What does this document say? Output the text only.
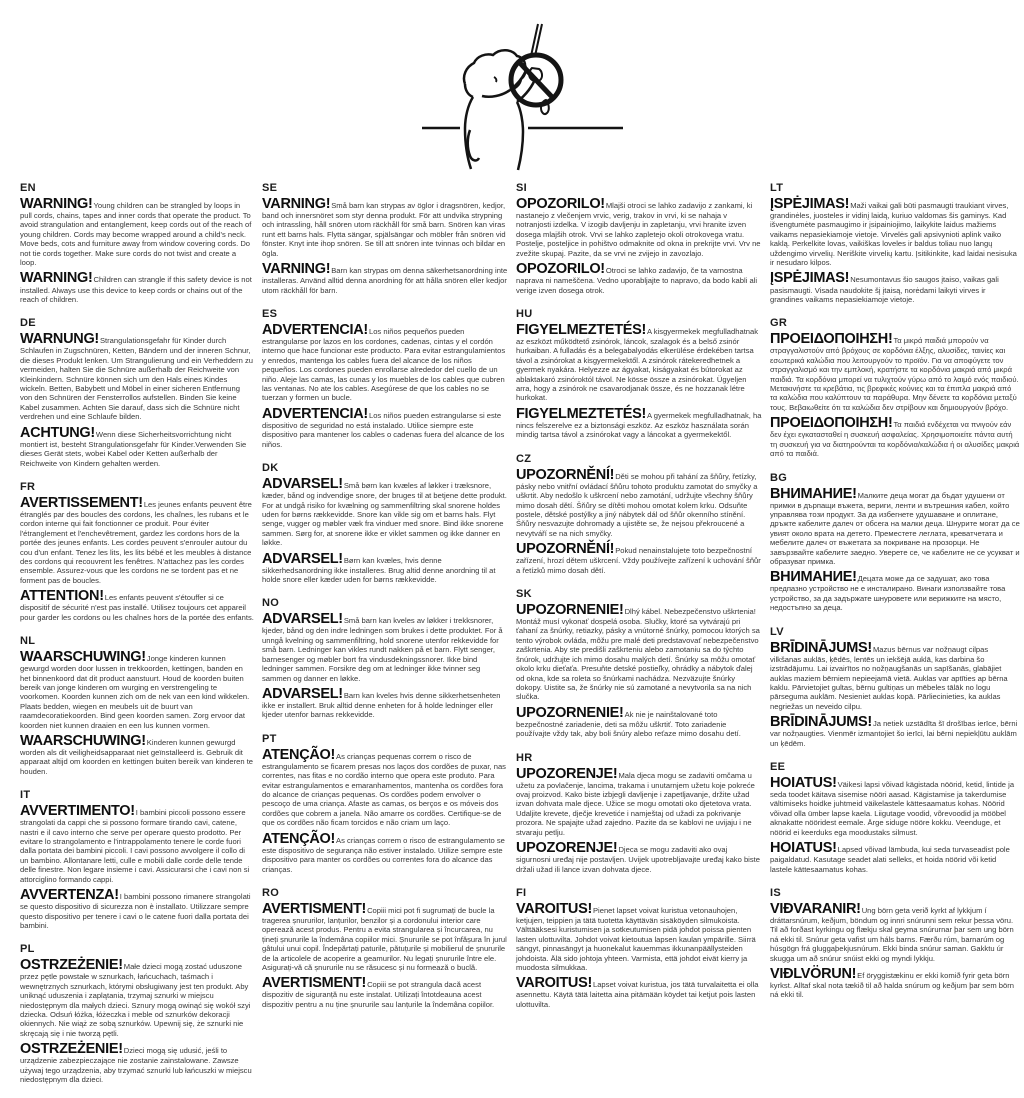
EN

WARNING!Young children can be strangled by loops in pull cords, chains, tapes and inner cords that operate the product. To avoid strangulation and entanglement, keep cords out of the reach of young children. Cords may become wrapped around a child's neck. Move beds, cots and furniture away from window covering cords. Do not tie cords together. Make sure cords do not twist and create a loop.

WARNING!Children can strangle if this safety device is not installed. Always use this device to keep cords or chains out of the reach of children.

DE

WARNUNG!Strangulationsgefahr für Kinder durch Schlaufen in Zugschnüren, Ketten, Bändern und der inneren Schnur, die dieses Produkt lenken. Um Strangulierung und ein Verheddern zu vermeiden, halten Sie die Schnüre außerhalb der Reichweite von Kleinkindern. Schnüre können sich um den Hals eines Kindes wickeln. Betten, Babybett und Möbel in einer sicheren Entfernung von den Schnüren der Fensterrollos aufstellen. Binden Sie keine Kabel zusammen. Achten Sie darauf, dass sich die Schnüre nicht verdrehen und eine Schlaufe bilden.

ACHTUNG!Wenn diese Sicherheitsvorrichtung nicht montiert ist, besteht Strangulationsgefahr für Kinder.Verwenden Sie dieses Gerät stets, wobei Kabel oder Ketten außerhalb der Reichweite von Kindern gehalten werden.

FR

AVERTISSEMENT!Les jeunes enfants peuvent être étranglés par des boucles des cordons, les chaînes, les rubans et le cordon interne qui fait fonctionner ce produit. Pour éviter l'étranglement et l'enchevêtrement, gardez les cordons hors de la portée des jeunes enfants. Les cordes peuvent s'enrouler autour du cou d'un enfant. Tenez les lits, les lits bébé et les meubles à distance des cordons qui recouvrent les fenêtres. N'attachez pas les cordes ensemble. Assurez-vous que les cordons ne se tordent pas et ne forment pas de boucles.

ATTENTION!Les enfants peuvent s'étouffer si ce dispositif de sécurité n'est pas installé. Utilisez toujours cet appareil pour garder les cordons ou les chaînes hors de la portée des enfants.

NL

WAARSCHUWING!Jonge kinderen kunnen gewurgd worden door lussen in trekkoorden, kettingen, banden en het binnenkoord dat dit product aanstuurt. Houd de koorden buiten bereik van jonge kinderen om wurging en verstrengeling te voorkomen. Koorden kunnen zich om de nek van een kind wikkelen. Plaats bedden, wiegen en meubels uit de buurt van raamdecoratiekoorden. Bind geen koorden samen. Zorg ervoor dat koorden niet kunnen draaien en een lus kunnen vormen.

WAARSCHUWING!Kinderen kunnen gewurgd worden als dit veiligheidsapparaat niet geïnstalleerd is. Gebruik dit apparaat altijd om koorden en kettingen buiten bereik van kinderen te houden.

IT

AVVERTIMENTO!I bambini piccoli possono essere strangolati da cappi che si possono formare tirando cavi, catene, nastri e il cavo interno che serve per operare questo prodotto. Per evitare lo strangolamento e l'intrappolamento tenere le corde fuori dalla portata dei bambini piccoli. I cavi possono avvolgere il collo di un bambino. Allontanare letti, culle e mobili dalle corde delle tende delle finestre. Non legare insieme i cavi. Assicurarsi che i cavi non si attorciglino formando cappi.

AVVERTENZA!I bambini possono rimanere strangolati se questo dispositivo di sicurezza non è installato. Utilizzare sempre questo dispositivo per tenere i cavi o le catene fuori dalla portata dei bambini.

PL

OSTRZEŻENIE!Małe dzieci mogą zostać uduszone przez pętle powstałe w sznurkach, łańcuchach, taśmach i wewnętrznych sznurkach, którymi obsługiwany jest ten produkt. Aby uniknąć uduszenia i zaplątania, trzymaj sznurki w miejscu niedostępnym dla małych dzieci. Sznury mogą owinąć się wokół szyi dziecka. Odsuń łóżka, łóżeczka i meble od sznurków dekoracji okiennych. Nie wiąż ze sobą sznurków. Upewnij się, że sznurki nie skręcają się i nie tworzą pętli.

OSTRZEŻENIE!Dzieci mogą się udusić, jeśli to urządzenie zabezpieczające nie zostanie zainstalowane. Zawsze używaj tego urządzenia, aby trzymać sznurki lub łańcuszki w miejscu niedostępnym dla dzieci.

SE

VARNING!Små barn kan strypas av öglor i dragsnören, kedjor, band och innersnöret som styr denna produkt. För att undvika strypning och intrassling, håll snören utom räckhåll för små barn. Snören kan viras runt ett barns hals. Flytta sängar, spjälsängar och möbler från snören vid fönster. Knyt inte ihop snören. Se till att snören inte tvinnas och bildar en ögla.

VARNING!Barn kan strypas om denna säkerhetsanordning inte installeras. Använd alltid denna anordning för att hålla snören eller kedjor utom räckhåll för barn.

ES

ADVERTENCIA!Los niños pequeños pueden estrangularse por lazos en los cordones, cadenas, cintas y el cordón interno que hace funcionar este producto. Para evitar estrangulamientos y enredos, mantenga los cables fuera del alcance de los niños pequeños. Los cordones pueden enrollarse alrededor del cuello de un niño. Aleje las camas, las cunas y los muebles de los cables que cubren las ventanas. No ate los cables. Asegúrese de que los cables no se tuerzan y formen un bucle.

ADVERTENCIA!Los niños pueden estrangularse si este dispositivo de seguridad no está instalado. Utilice siempre este dispositivo para mantener los cables o cadenas fuera del alcance de los niños.

DK

ADVARSEL!Små børn kan kvæles af løkker i træksnore, kæder, bånd og indvendige snore, der bruges til at betjene dette produkt. For at undgå risiko for kvælning og sammenfiltring skal snorene holdes uden for børns rækkevidde. Snore kan vikle sig om et barns hals. Flyt senge, vugger og møbler væk fra vinduer med snore. Bind ikke snorene sammen. Sørg for, at snorene ikke er viklet sammen og ikke danner en løkke.

ADVARSEL!Børn kan kvæles, hvis denne sikkerhedsanordning ikke installeres. Brug altid denne anordning til at holde snore eller kæder uden for børns rækkevidde.

NO

ADVARSEL!Små barn kan kveles av løkker i trekksnorer, kjeder, bånd og den indre ledningen som brukes i dette produktet. For å unngå kvelning og sammenfiltring, hold snorene utenfor rekkevidde for små barn. Ledninger kan vikles rundt nakken på et barn. Flytt senger, barnesenger og møbler bort fra vindusdekningssnorer. Ikke bind ledninger sammen. Forsikre deg om at ledninger ikke tvinner seg sammen og danner en løkke.

ADVARSEL!Barn kan kveles hvis denne sikkerhetsenheten ikke er installert. Bruk alltid denne enheten for å holde ledninger eller kjeder utenfor barnas rekkevidde.

PT

ATENÇÃO!As crianças pequenas correm o risco de estrangulamento se ficarem presas nos laços dos cordões de puxar, nas correntes, nas fitas e no cordão interno que opera este produto. Para evitar estrangulamentos e emaranhamentos, mantenha os cordões fora do alcance de crianças pequenas. Os cordões podem envolver o pescoço de uma criança. Afaste as camas, os berços e os móveis dos cordões que cobrem a janela. Não amarre os cordões. Certifique-se de que os cordões não ficam torcidos e não criam um laço.

ATENÇÃO!As crianças correm o risco de estrangulamento se este dispositivo de segurança não estiver instalado. Utilize sempre este dispositivo para manter os cordões ou correntes fora do alcance das crianças.

RO

AVERTISMENT!Copiii mici pot fi sugrumați de bucle la tragerea șnururilor, lanțurilor, benzilor și a cordonului interior care operează acest produs. Pentru a evita strangularea și încurcarea, nu țineți șnururile la îndemâna copiilor mici. Șnururile se pot înfășura în jurul gâtului unui copil. Îndepărtați paturile, pătuțurile și mobilierul de șnururile de la articolele de acoperire a geamurilor. Nu legați șnururile între ele. Asigurați-vă că șnururile nu se răsucesc și nu formează o buclă.

AVERTISMENT!Copiii se pot strangula dacă acest dispozitiv de siguranță nu este instalat. Utilizați întotdeauna acest dispozitiv pentru a nu ține șnururile sau lanțurile la îndemâna copiilor.

SI

OPOZORILO!Mlajši otroci se lahko zadavijo z zankami, ki nastanejo z vlečenjem vrvic, verig, trakov in vrvi, ki se nahaja v notranjosti izdelka. V izogib davljenju in zapletanju, vrvi hranite izven dosega mlajših otrok. Vrvi se lahko zapletejo okoli otrokovega vratu. Postelje, posteljice in pohištvo odmaknite od okna in prekrijte vrvi. Vrv ne zvežite skupaj. Pazite, da se vrvi ne zvijejo in zavozlajo.

OPOZORILO!Otroci se lahko zadavijo, če ta varnostna naprava ni nameščena. Vedno uporabljajte to napravo, da bodo kabli ali verige izven dosega otrok.

HU

FIGYELMEZTETÉS!A kisgyermekek megfulladhatnak az eszközt működtető zsinórok, láncok, szalagok és a belső zsinór hurkaiban. A fulladás és a belegabalyodás elkerülése érdekében tartsa távol a zsinórokat a kisgyermekektől. A zsinórok rátekeredhetnek a gyermek nyakára. Helyezze az ágyakat, kiságyakat és bútorokat az ablaktakaró zsinóroktól távol. Ne kösse össze a zsinórokat. Ügyeljen arra, hogy a zsinórok ne csavarodjanak össze, és ne hozzanak létre hurkokat.

FIGYELMEZTETÉS!A gyermekek megfulladhatnak, ha nincs felszerelve ez a biztonsági eszköz. Az eszköz használata során mindig tartsa távol a zsinórokat vagy a láncokat a gyermekektől.

CZ

UPOZORNĚNÍ!Děti se mohou při tahání za šňůry, řetízky, pásky nebo vnitřní ovládací šňůru tohoto produktu zamotat do smyčky a uškrtit. Aby nedošlo k uškrcení nebo zamotání, udržujte všechny šňůry mimo dosah dětí. Šňůry se dítěti mohou omotat kolem krku. Odsuňte postele, dětské postýlky a jiný nábytek dál od šňůr okenního stínění. Šňůry nesvazujte dohromady a ujistěte se, že nejsou překroucené a nevytváří se na nich smyčky.

UPOZORNĚNÍ!Pokud nenainstalujete toto bezpečnostní zařízení, hrozí dětem uškrcení. Vždy používejte zařízení k uchování šňůr a řetízků mimo dosah dětí.

SK

UPOZORNENIE!Dlhý kábel. Nebezpečenstvo uškrtenia! Montáž musí vykonať dospelá osoba. Slučky, ktoré sa vytvárajú pri ťahaní za šnúrky, retiazky, pásky a vnútorné šnúrky, pomocou ktorých sa tento výrobok ovláda, môžu pre malé deti predstavovať nebezpečenstvo zaškrtenia. Aby ste predišli zaškrteniu alebo zamotaniu sa do týchto šnúrok, udržujte ich mimo dosahu malých detí. Šnúrky sa môžu omotať okolo krku dieťaťa. Presuňte detské postieľky, ohrádky a nábytok ďalej od okna, kde sa roleta so šnúrkami nachádza. Nezväzujte šnúrky dokopy. Uistite sa, že šnúrky nie sú zamotané a nevytvorila sa na nich slučka.

UPOZORNENIE!Ak nie je nainštalované toto bezpečnostné zariadenie, deti sa môžu uškrtiť. Toto zariadenie používajte vždy tak, aby boli šnúry alebo reťaze mimo dosahu detí.

HR

UPOZORENJE!Mala djeca mogu se zadaviti omčama u užetu za povlačenje, lancima, trakama i unutarnjem užetu koje pokreće ovaj proizvod. Kako biste izbjegli davljenje i zapetljavanje, držite užad izvan dohvata male djece. Užice se mogu omotati oko djetetova vrata. Udaljite krevete, dječje krevetiće i namještaj od užadi za pokrivanje prozora. Ne spajajte užad zajedno. Pazite da se kablovi ne uvijaju i ne stvaraju petlju.

UPOZORENJE!Djeca se mogu zadaviti ako ovaj sigurnosni uređaj nije postavljen. Uvijek upotrebljavajte uređaj kako biste držali užad ili lance izvan dohvata djece.

FI

VAROITUS!Pienet lapset voivat kuristua vetonauhojen, ketjujen, teippien ja tätä tuotetta käyttävän sisäköyden silmukoista. Välttääksesi kuristumisen ja sotkeutumisen pidä johdot poissa pienten lasten ulottuvilta. Johdot voivat kietoutua lapsen kaulan ympärille. Siirrä sängyt, pinnasängyt ja huonekalut kauemmas ikkunanpäällysteiden johdoista. Älä sido johtoja yhteen. Varmista, että johdot eivät kierry ja muodosta silmukkaa.

VAROITUS!Lapset voivat kuristua, jos tätä turvalaitetta ei olla asennettu. Käytä tätä laitetta aina pitämään köydet tai ketjut pois lasten ulottuvilta.

LT

ĮSPĖJIMAS!Maži vaikai gali būti pasmaugti traukiant virves, grandinėles, juosteles ir vidinį laidą, kuriuo valdomas šis gaminys. Kad išvengtumėte pasmaugimo ir įsipainiojimo, laikykite laidus mažiems vaikams nepasiekiamoje vietoje. Virvelės gali apsivynioti aplink vaiko kaklą. Perkelkite lovas, vaikiškas loveles ir baldus toliau nuo langų uždengimo virvelių. Neriškite virvelių kartu. Įsitikinkite, kad laidai nesisuka ir nesudaro kilpos.

ĮSPĖJIMAS!Nesumontavus šio saugos įtaiso, vaikas gali pasismaugti. Visada naudokite šį įtaisą, norėdami laikyti virves ir grandines vaikams nepasiekiamoje vietoje.

GR

ΠΡΟΕΙΔΟΠΟΙΗΣΗ!Τα μικρά παιδιά μπορούν να στραγγαλιστούν από βρόχους σε κορδόνια έλξης, αλυσίδες, ταινίες και εσωτερικά καλώδια που λειτουργούν το προϊόν. Για να αποφύγετε τον στραγγαλισμό και την εμπλοκή, κρατήστε τα κορδόνια μακριά από μικρά παιδιά. Τα κορδόνια μπορεί να τυλιχτούν γύρω από το λαιμό ενός παιδιού. Μετακινήστε τα κρεβάτια, τις βρεφικές κούνιες και τα έπιπλα μακριά από τα καλώδια που καλύπτουν τα παράθυρα. Μην δένετε τα κορδόνια μεταξύ τους. Βεβαιωθείτε ότι τα καλώδια δεν στρίβουν και δημιουργούν βρόχο.

ΠΡΟΕΙΔΟΠΟΙΗΣΗ!Τα παιδιά ενδέχεται να πνιγούν εάν δεν έχει εγκατασταθεί η συσκευή ασφαλείας. Χρησιμοποιείτε πάντα αυτή τη συσκευή για να διατηρούνται τα κορδόνια/καλώδια ή οι αλυσίδες μακριά από τα παιδιά.

BG

ВНИМАНИЕ!Малките деца могат да бъдат удушени от примки в дърпащи въжета, вериги, ленти и вътрешния кабел, който управлява този продукт. За да избегнете удушаване и оплитане, дръжте кабелите далеч от обсега на малки деца. Шнурите могат да се увият около врата на детето. Преместете леглата, креватчетата и мебелите далеч от въжетата за покриване на прозорци. Не завързвайте кабелите заедно. Уверете се, че кабелите не се усукват и образуват примка.

ВНИМАНИЕ!Децата може да се задушат, ако това предпазно устройство не е инсталирано. Винаги използвайте това устройство, за да задържате шнуровете или верижките на място, недостъпно за деца.

LV

BRĪDINĀJUMS!Mazus bērnus var nožņaugt cilpas vilkšanas auklās, ķēdēs, lentēs un iekšējā auklā, kas darbina šo izstrādājumu. Lai izvairītos no nožņaugšanās un sapīšanās, glabājiet auklas maziem bērniem nepieejamā vietā. Auklas var aptīties ap bērna kaklu. Pārvietojiet gultas, bērnu gultiņas un mēbeles tālāk no logu pārseguma auklām. Nesieniet auklas kopā. Pārliecinieties, ka auklas negriežas un neveido cilpu.

BRĪDINĀJUMS!Ja netiek uzstādīta šī drošības ierīce, bērni var nožņaugties. Vienmēr izmantojiet šo ierīci, lai bērni nepiekļūtu auklām un ķēdēm.

EE

HOIATUS!Väikesi lapsi võivad kägistada nöörid, ketid, lintide ja seda toodet käitava sisemise nööri aasad. Kägistamise ja takerdumise vältimiseks hoidke juhtmeid väikelastele kättesaamatus kohas. Nöörid võivad olla ümber lapse kaela. Liigutage voodid, võrevoodid ja mööbel aknakatte nööridest eemale. Ärge siduge nööre kokku. Veenduge, et nöörid ei keerduks ega moodustaks silmust.

HOIATUS!Lapsed võivad lämbuda, kui seda turvaseadist pole paigaldatud. Kasutage seadet alati selleks, et hoida nöörid või ketid lastele kättesaamatus kohas.

IS

VIÐVARANIR!Ung börn geta verið kyrkt af lykkjum í dráttarsnúrum, keðjum, böndum og innri snúrunni sem rekur þessa vöru. Til að forðast kyrkingu og flækju skal geyma snúrurnar þar sem ung börn ná ekki til. Snúrur geta vafist um háls barns. Færðu rúm, barnarúm og húsgögn frá gluggaþekjusnúrum. Ekki binda snúrur saman. Gakktu úr skugga um að snúrur snúist ekki og myndi lykkju.

VIÐLVÖRUN!Ef öryggistækinu er ekki komið fyrir geta börn kyrkst. Alltaf skal nota tækið til að halda snúrum og keðjum þar sem börn ná ekki til.
